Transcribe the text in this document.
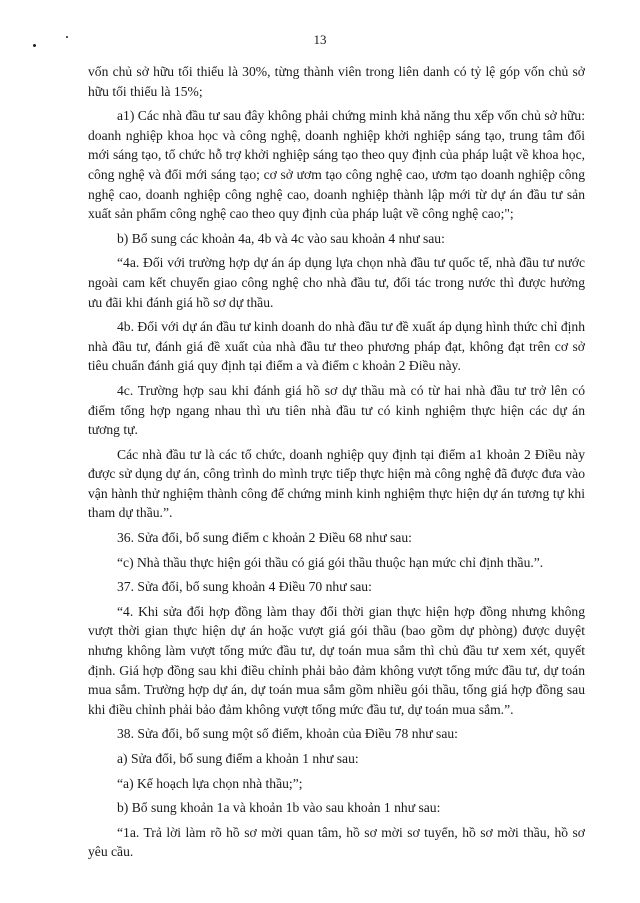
13

vốn chủ sở hữu tối thiểu là 30%, từng thành viên trong liên danh có tỷ lệ góp vốn chủ sở hữu tối thiểu là 15%;

a1) Các nhà đầu tư sau đây không phải chứng minh khả năng thu xếp vốn chủ sở hữu: doanh nghiệp khoa học và công nghệ, doanh nghiệp khởi nghiệp sáng tạo, trung tâm đổi mới sáng tạo, tổ chức hỗ trợ khởi nghiệp sáng tạo theo quy định của pháp luật về khoa học, công nghệ và đổi mới sáng tạo; cơ sở ươm tạo công nghệ cao, ươm tạo doanh nghiệp công nghệ cao, doanh nghiệp công nghệ cao, doanh nghiệp thành lập mới từ dự án đầu tư sản xuất sản phẩm công nghệ cao theo quy định của pháp luật về công nghệ cao;";

b) Bổ sung các khoản 4a, 4b và 4c vào sau khoản 4 như sau:

“4a. Đối với trường hợp dự án áp dụng lựa chọn nhà đầu tư quốc tế, nhà đầu tư nước ngoài cam kết chuyển giao công nghệ cho nhà đầu tư, đối tác trong nước thì được hưởng ưu đãi khi đánh giá hồ sơ dự thầu.

4b. Đối với dự án đầu tư kinh doanh do nhà đầu tư đề xuất áp dụng hình thức chỉ định nhà đầu tư, đánh giá đề xuất của nhà đầu tư theo phương pháp đạt, không đạt trên cơ sở tiêu chuẩn đánh giá quy định tại điểm a và điểm c khoản 2 Điều này.

4c. Trường hợp sau khi đánh giá hồ sơ dự thầu mà có từ hai nhà đầu tư trở lên có điểm tổng hợp ngang nhau thì ưu tiên nhà đầu tư có kinh nghiệm thực hiện các dự án tương tự.

Các nhà đầu tư là các tổ chức, doanh nghiệp quy định tại điểm a1 khoản 2 Điều này được sử dụng dự án, công trình do mình trực tiếp thực hiện mà công nghệ đã được đưa vào vận hành thử nghiệm thành công để chứng minh kinh nghiệm thực hiện dự án tương tự khi tham dự thầu.”.

36. Sửa đổi, bổ sung điểm c khoản 2 Điều 68 như sau:

“c) Nhà thầu thực hiện gói thầu có giá gói thầu thuộc hạn mức chỉ định thầu.”.

37. Sửa đổi, bổ sung khoản 4 Điều 70 như sau:

“4. Khi sửa đổi hợp đồng làm thay đổi thời gian thực hiện hợp đồng nhưng không vượt thời gian thực hiện dự án hoặc vượt giá gói thầu (bao gồm dự phòng) được duyệt nhưng không làm vượt tổng mức đầu tư, dự toán mua sắm thì chủ đầu tư xem xét, quyết định. Giá hợp đồng sau khi điều chỉnh phải bảo đảm không vượt tổng mức đầu tư, dự toán mua sắm. Trường hợp dự án, dự toán mua sắm gồm nhiều gói thầu, tổng giá hợp đồng sau khi điều chỉnh phải bảo đảm không vượt tổng mức đầu tư, dự toán mua sắm.”.

38. Sửa đổi, bổ sung một số điểm, khoản của Điều 78 như sau:

a) Sửa đổi, bổ sung điểm a khoản 1 như sau:

“a) Kế hoạch lựa chọn nhà thầu;”;

b) Bổ sung khoản 1a và khoản 1b vào sau khoản 1 như sau:

“1a. Trả lời làm rõ hồ sơ mời quan tâm, hồ sơ mời sơ tuyển, hồ sơ mời thầu, hồ sơ yêu cầu.
